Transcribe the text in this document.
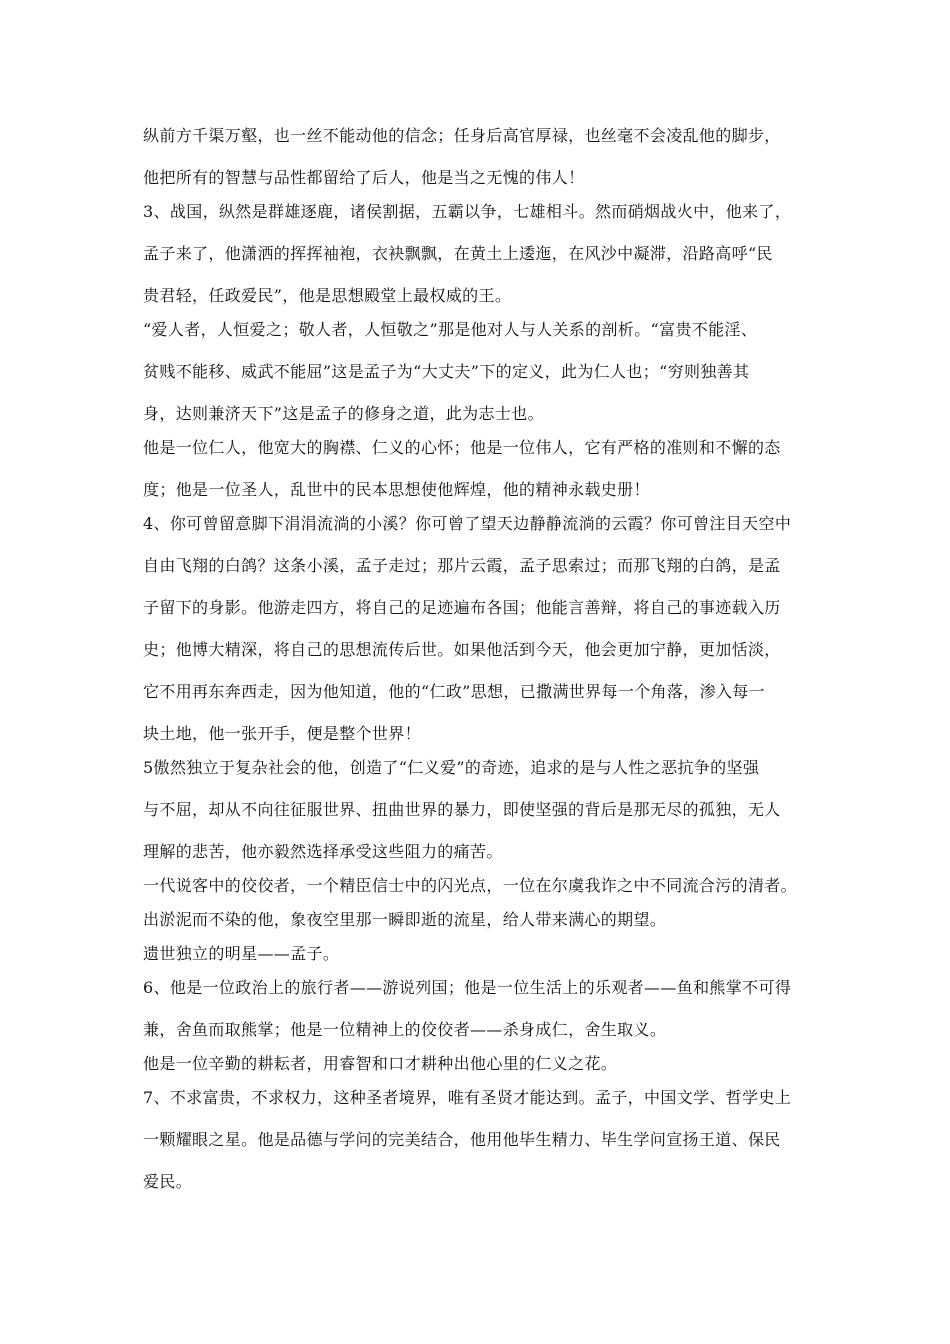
纵前方千渠万壑，也一丝不能动他的信念；任身后高官厚禄，也丝毫不会凌乱他的脚步，
他把所有的智慧与品性都留给了后人，他是当之无愧的伟人！
3、战国，纵然是群雄逐鹿，诸侯割据，五霸以争，七雄相斗。然而硝烟战火中，他来了，
孟子来了，他潇洒的挥挥袖袍，衣袂飘飘，在黄土上逶迤，在风沙中凝滞，沿路高呼“民
贵君轻，任政爱民”，他是思想殿堂上最权威的王。
“爱人者，人恒爱之；敬人者，人恒敬之”那是他对人与人关系的剖析。“富贵不能淫、
贫贱不能移、威武不能屈”这是孟子为“大丈夫”下的定义，此为仁人也；“穷则独善其
身，达则兼济天下”这是孟子的修身之道，此为志士也。
他是一位仁人，他宽大的胸襟、仁义的心怀；他是一位伟人，它有严格的准则和不懈的态
度；他是一位圣人，乱世中的民本思想使他辉煌，他的精神永载史册！
4、你可曾留意脚下涓涓流淌的小溪？你可曾了望天边静静流淌的云霞？你可曾注目天空中
自由飞翔的白鸽？这条小溪，孟子走过；那片云霞，孟子思索过；而那飞翔的白鸽，是孟
子留下的身影。他游走四方，将自己的足迹遍布各国；他能言善辩，将自己的事迹载入历
史；他博大精深，将自己的思想流传后世。如果他活到今天，他会更加宁静，更加恬淡，
它不用再东奔西走，因为他知道，他的“仁政”思想，已撒满世界每一个角落，渗入每一
块土地，他一张开手，便是整个世界！
5傲然独立于复杂社会的他，创造了“仁义爱”的奇迹，追求的是与人性之恶抗争的坚强
与不屈，却从不向往征服世界、扭曲世界的暴力，即使坚强的背后是那无尽的孤独，无人
理解的悲苦，他亦毅然选择承受这些阻力的痛苦。
一代说客中的佼佼者，一个精臣信士中的闪光点，一位在尔虞我诈之中不同流合污的清者。
出淤泥而不染的他，象夜空里那一瞬即逝的流星，给人带来满心的期望。
遗世独立的明星——孟子。
6、他是一位政治上的旅行者——游说列国；他是一位生活上的乐观者——鱼和熊掌不可得
兼，舍鱼而取熊掌；他是一位精神上的佼佼者——杀身成仁，舍生取义。
他是一位辛勤的耕耘者，用睿智和口才耕种出他心里的仁义之花。
7、不求富贵，不求权力，这种圣者境界，唯有圣贤才能达到。孟子，中国文学、哲学史上
一颗耀眼之星。他是品德与学问的完美结合，他用他毕生精力、毕生学问宣扬王道、保民
爱民。
